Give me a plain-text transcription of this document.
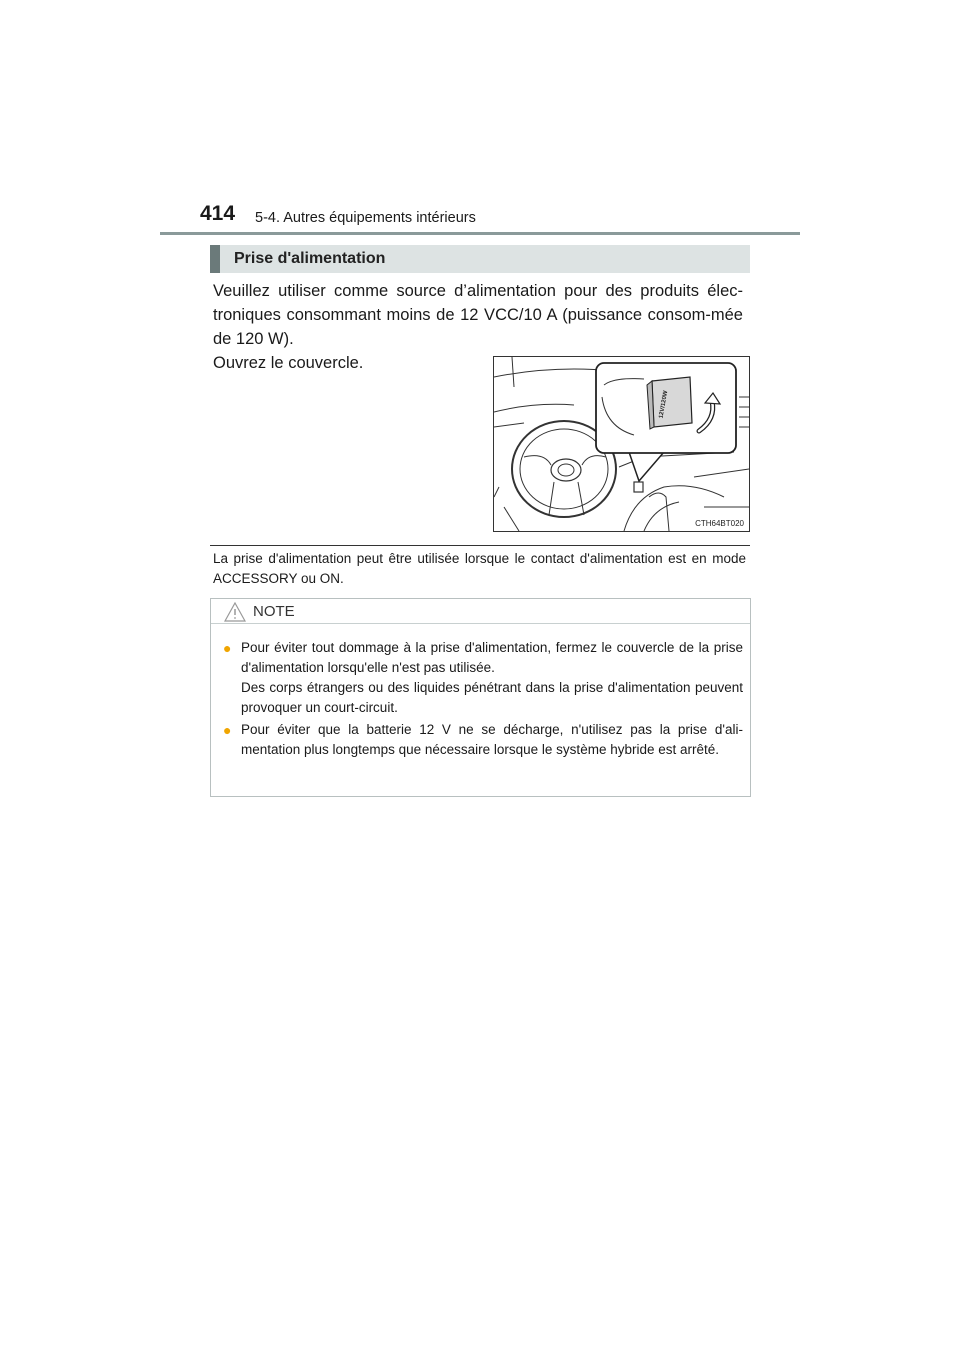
414 5-4. Autres équipements intérieurs
Prise d'alimentation

Veuillez utiliser comme source d’alimentation pour des produits élec-troniques consommant moins de 12 VCC/10 A (puissance consom-mée de 120 W).

Ouvrez le couvercle.

12V/120W
CTH64BT020

La prise d'alimentation peut être utilisée lorsque le contact d'alimentation est en mode ACCESSORY ou ON.

NOTE
● Pour éviter tout dommage à la prise d'alimentation, fermez le couvercle de la prise d'alimentation lorsqu'elle n'est pas utilisée.
Des corps étrangers ou des liquides pénétrant dans la prise d'alimentation peuvent provoquer un court-circuit.
● Pour éviter que la batterie 12 V ne se décharge, n'utilisez pas la prise d'ali-mentation plus longtemps que nécessaire lorsque le système hybride est arrêté.
